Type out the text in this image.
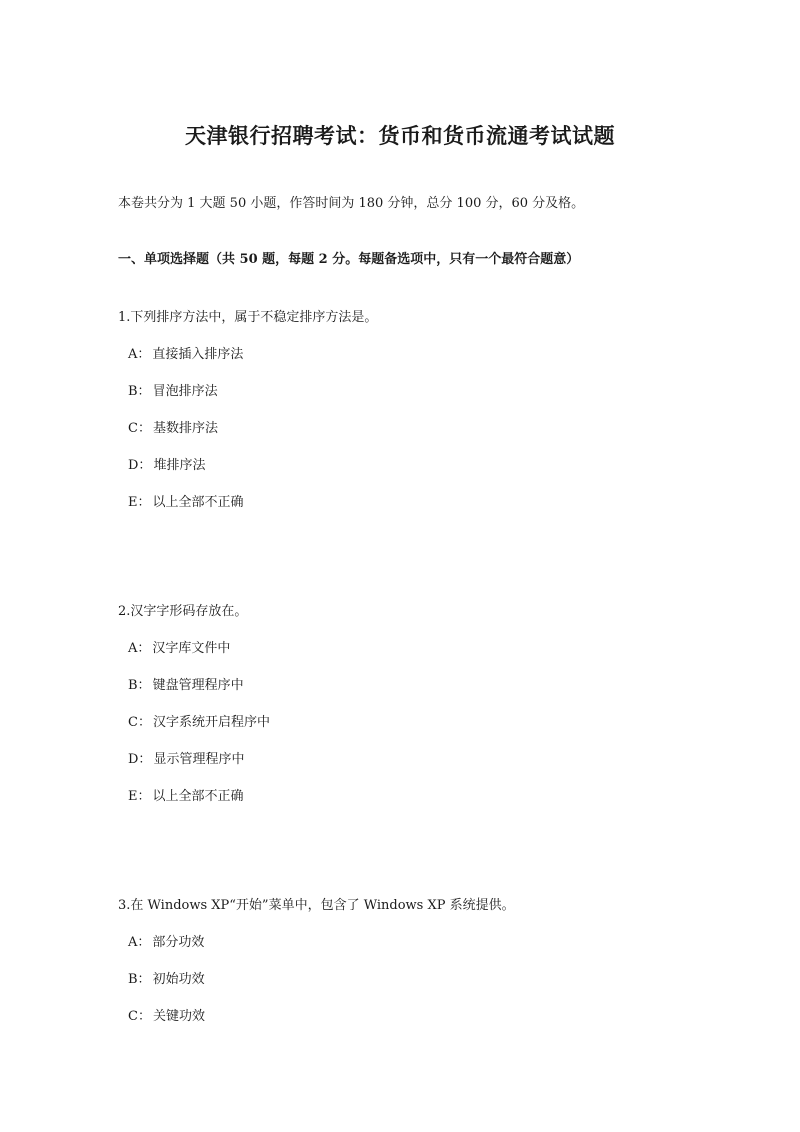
天津银行招聘考试：货币和货币流通考试试题
本卷共分为 1 大题 50 小题，作答时间为 180 分钟，总分 100 分，60 分及格。
一、单项选择题（共 50 题，每题 2 分。每题备选项中，只有一个最符合题意）
1.下列排序方法中，属于不稳定排序方法是。
A： 直接插入排序法
B： 冒泡排序法
C： 基数排序法
D： 堆排序法
E： 以上全部不正确
2.汉字字形码存放在。
A： 汉字库文件中
B： 键盘管理程序中
C： 汉字系统开启程序中
D： 显示管理程序中
E： 以上全部不正确
3.在 Windows XP“开始”菜单中，包含了 Windows XP 系统提供。
A： 部分功效
B： 初始功效
C： 关键功效
